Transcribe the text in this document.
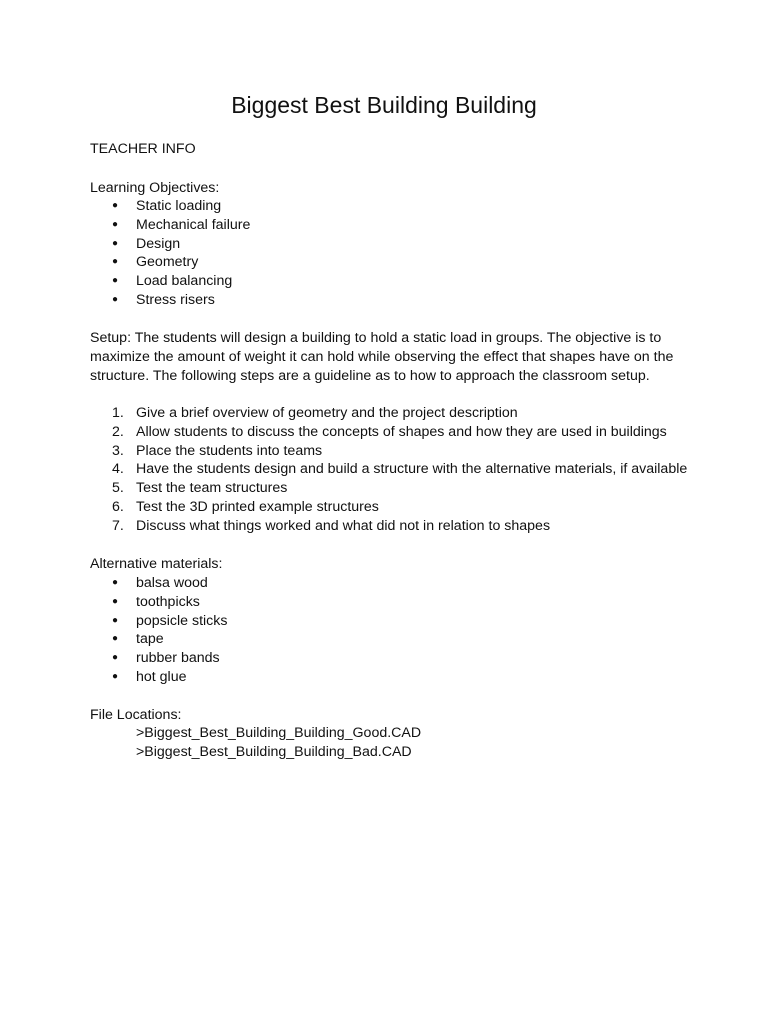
Biggest Best Building Building
TEACHER INFO
Learning Objectives:
● Static loading
● Mechanical failure
● Design
● Geometry
● Load balancing
● Stress risers

Setup: The students will design a building to hold a static load in groups. The objective is to maximize the amount of weight it can hold while observing the effect that shapes have on the structure. The following steps are a guideline as to how to approach the classroom setup.

1. Give a brief overview of geometry and the project description
2. Allow students to discuss the concepts of shapes and how they are used in buildings
3. Place the students into teams
4. Have the students design and build a structure with the alternative materials, if available
5. Test the team structures
6. Test the 3D printed example structures
7. Discuss what things worked and what did not in relation to shapes
Alternative materials:
● balsa wood
● toothpicks
● popsicle sticks
● tape
● rubber bands
● hot glue
File Locations:
>Biggest_Best_Building_Building_Good.CAD
>Biggest_Best_Building_Building_Bad.CAD
